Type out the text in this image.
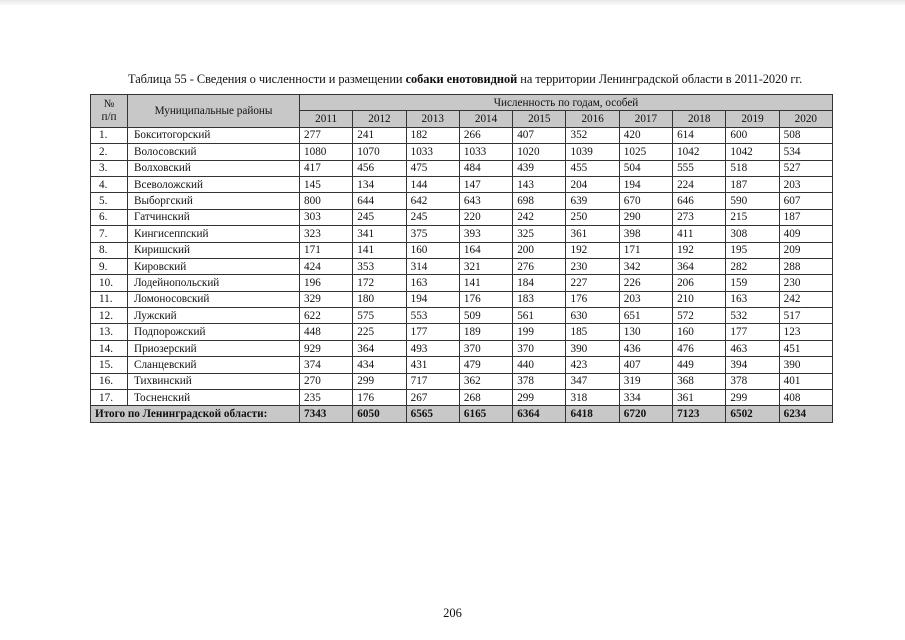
Таблица 55 - Сведения о численности и размещении собаки енотовидной на территории Ленинградской области в 2011-2020 гг.
№
п/п	Муниципальные районы	Численность по годам, особей									
		2011	2012	2013	2014	2015	2016	2017	2018	2019	2020
1.	Бокситогорский	277	241	182	266	407	352	420	614	600	508
2.	Волосовский	1080	1070	1033	1033	1020	1039	1025	1042	1042	534
3.	Волховский	417	456	475	484	439	455	504	555	518	527
4.	Всеволожский	145	134	144	147	143	204	194	224	187	203
5.	Выборгский	800	644	642	643	698	639	670	646	590	607
6.	Гатчинский	303	245	245	220	242	250	290	273	215	187
7.	Кингисеппский	323	341	375	393	325	361	398	411	308	409
8.	Киришский	171	141	160	164	200	192	171	192	195	209
9.	Кировский	424	353	314	321	276	230	342	364	282	288
10.	Лодейнопольский	196	172	163	141	184	227	226	206	159	230
11.	Ломоносовский	329	180	194	176	183	176	203	210	163	242
12.	Лужский	622	575	553	509	561	630	651	572	532	517
13.	Подпорожский	448	225	177	189	199	185	130	160	177	123
14.	Приозерский	929	364	493	370	370	390	436	476	463	451
15.	Сланцевский	374	434	431	479	440	423	407	449	394	390
16.	Тихвинский	270	299	717	362	378	347	319	368	378	401
17.	Тосненский	235	176	267	268	299	318	334	361	299	408
Итого по Ленинградской области:		7343	6050	6565	6165	6364	6418	6720	7123	6502	6234
206
